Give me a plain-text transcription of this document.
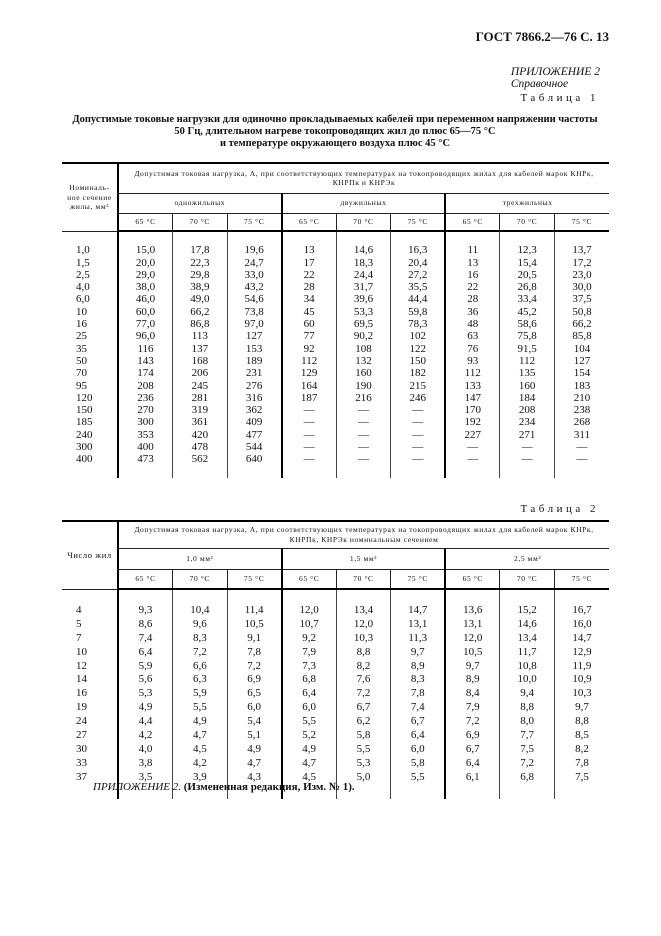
ГОСТ 7866.2—76 С. 13
ПРИЛОЖЕНИЕ 2
Справочное
Таблица 1
Допустимые токовые нагрузки для одиночно прокладываемых кабелей при переменном напряжении частоты
50 Гц, длительном нагреве токопроводящих жил до плюс 65—75 °С
и температуре окружающего воздуха плюс 45 °С
Номиналь-ное сечение жилы, мм²	Допустимая токовая нагрузка, А, при соответствующих температурах на токопроводящих жилах для кабелей марок КНРк, КНРПк и КНРЭк								
	одножильных			двужильных			трехжильных		
	65 °С	70 °С	75 °С	65 °С	70 °С	75 °С	65 °С	70 °С	75 °С

1,0	15,0	17,8	19,6	13	14,6	16,3	11	12,3	13,7
1,5	20,0	22,3	24,7	17	18,3	20,4	13	15,4	17,2
2,5	29,0	29,8	33,0	22	24,4	27,2	16	20,5	23,0
4,0	38,0	38,9	43,2	28	31,7	35,5	22	26,8	30,0
6,0	46,0	49,0	54,6	34	39,6	44,4	28	33,4	37,5
10	60,0	66,2	73,8	45	53,3	59,8	36	45,2	50,8
16	77,0	86,8	97,0	60	69,5	78,3	48	58,6	66,2
25	96,0	113	127	77	90,2	102	63	75,8	85,8
35	116	137	153	92	108	122	76	91,5	104
50	143	168	189	112	132	150	93	112	127
70	174	206	231	129	160	182	112	135	154
95	208	245	276	164	190	215	133	160	183
120	236	281	316	187	216	246	147	184	210
150	270	319	362	—	—	—	170	208	238
185	300	361	409	—	—	—	192	234	268
240	353	420	477	—	—	—	227	271	311
300	400	478	544	—	—	—	—	—	—
400	473	562	640	—	—	—	—	—	—

Таблица 2
Число жил	Допустимая токовая нагрузка, А, при соответствующих температурах на токопроводящих жилах для кабелей марок КНРк, КНРПк, КНРЭк номинальным сечением								
	1,0 мм²			1,5 мм²			2,5 мм²		
	65 °С	70 °С	75 °С	65 °С	70 °С	75 °С	65 °С	70 °С	75 °С

4	9,3	10,4	11,4	12,0	13,4	14,7	13,6	15,2	16,7
5	8,6	9,6	10,5	10,7	12,0	13,1	13,1	14,6	16,0
7	7,4	8,3	9,1	9,2	10,3	11,3	12,0	13,4	14,7
10	6,4	7,2	7,8	7,9	8,8	9,7	10,5	11,7	12,9
12	5,9	6,6	7,2	7,3	8,2	8,9	9,7	10,8	11,9
14	5,6	6,3	6,9	6,8	7,6	8,3	8,9	10,0	10,9
16	5,3	5,9	6,5	6,4	7,2	7,8	8,4	9,4	10,3
19	4,9	5,5	6,0	6,0	6,7	7,4	7,9	8,8	9,7
24	4,4	4,9	5,4	5,5	6,2	6,7	7,2	8,0	8,8
27	4,2	4,7	5,1	5,2	5,8	6,4	6,9	7,7	8,5
30	4,0	4,5	4,9	4,9	5,5	6,0	6,7	7,5	8,2
33	3,8	4,2	4,7	4,7	5,3	5,8	6,4	7,2	7,8
37	3,5	3,9	4,3	4,5	5,0	5,5	6,1	6,8	7,5

ПРИЛОЖЕНИЕ 2. (Измененная редакция, Изм. № 1).
